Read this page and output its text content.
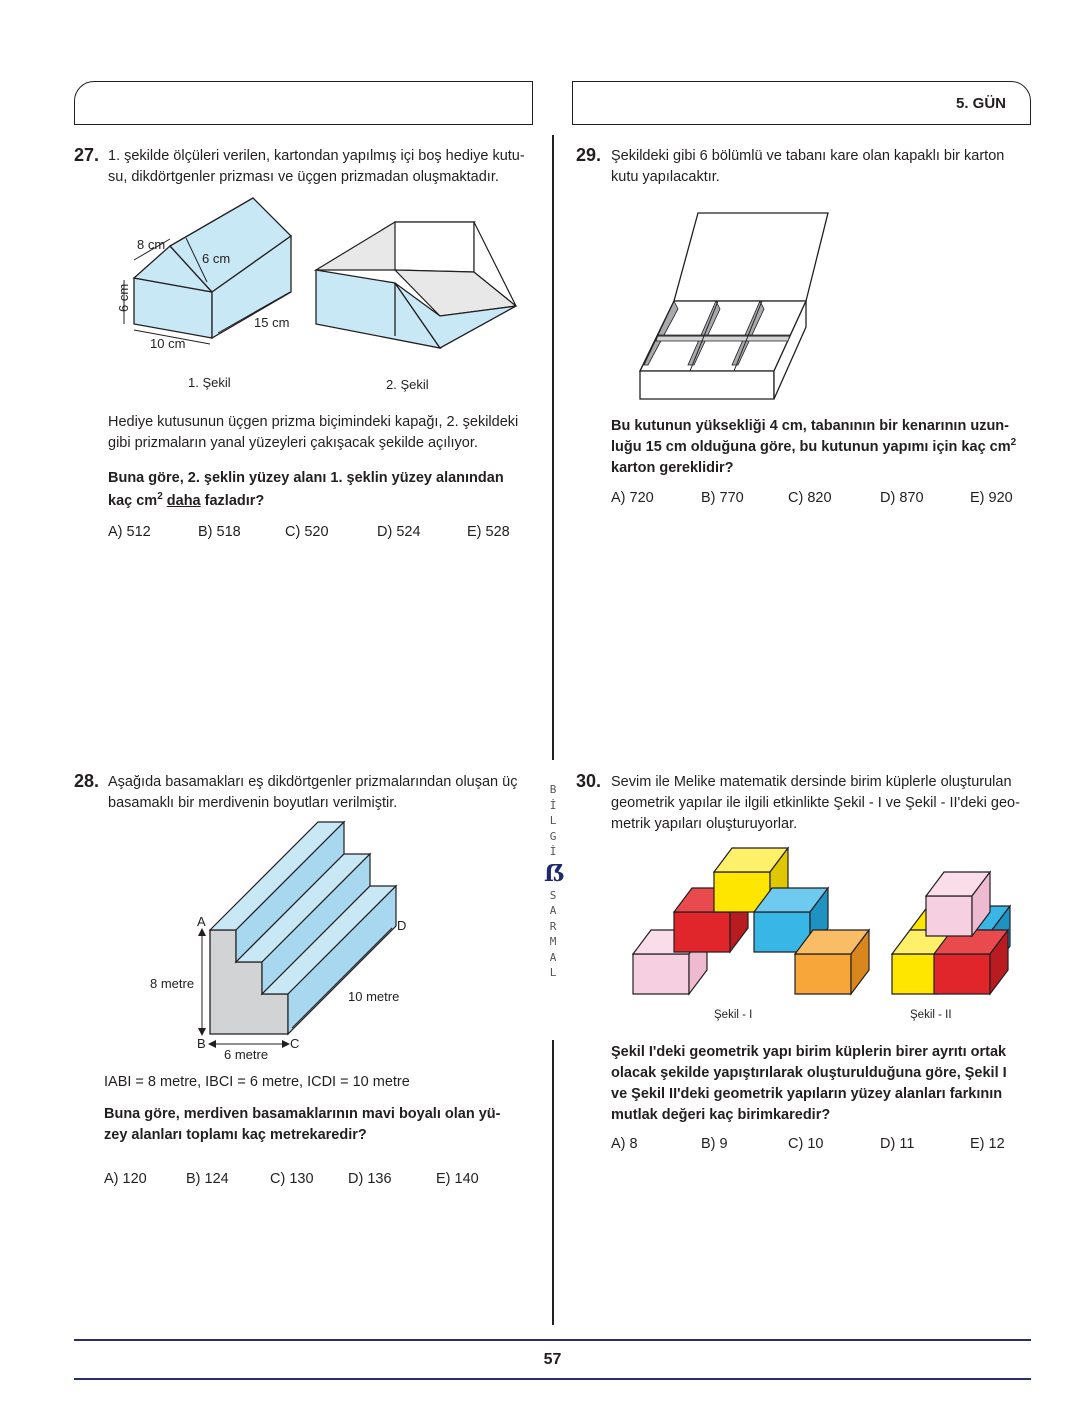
5. GÜN
B
İ
L
G
İ
ẞ
S
A
R
M
A
L
27. 1. şekilde ölçüleri verilen, kartondan yapılmış içi boş hediye kutu-
su, dikdörtgenler prizması ve üçgen prizmadan oluşmaktadır.
8 cm
6 cm
6 cm
15 cm
10 cm
1. Şekil	2. Şekil
Hediye kutusunun üçgen prizma biçimindeki kapağı, 2. şekildeki
gibi prizmaların yanal yüzeyleri çakışacak şekilde açılıyor.
Buna göre, 2. şeklin yüzey alanı 1. şeklin yüzey alanından
kaç $cm^2$ daha fazladır?
A) 512	B) 518	C) 520	D) 524	E) 528
29. Şekildeki gibi 6 bölümlü ve tabanı kare olan kapaklı bir karton
kutu yapılacaktır.
Bu kutunun yüksekliği 4 cm, tabanının bir kenarının uzun-
luğu 15 cm olduğuna göre, bu kutunun yapımı için kaç $cm^2$
karton gereklidir?
A) 720	B) 770	C) 820	D) 870	E) 920
28. Aşağıda basamakları eş dikdörtgenler prizmalarından oluşan üç
basamaklı bir merdivenin boyutları verilmiştir.
A
B	C
D
8 metre
6 metre
10 metre
IABI = 8 metre, IBCI = 6 metre, ICDI = 10 metre
Buna göre, merdiven basamaklarının mavi boyalı olan yü-
zey alanları toplamı kaç metrekaredir?
A) 120	B) 124	C) 130 D) 136	E) 140
30. Sevim ile Melike matematik dersinde birim küplerle oluşturulan
geometrik yapılar ile ilgili etkinlikte Şekil - I ve Şekil - II'deki geo-
metrik yapıları oluşturuyorlar.
Şekil - I	Şekil - II
Şekil I'deki geometrik yapı birim küplerin birer ayrıtı ortak
olacak şekilde yapıştırılarak oluşturulduğuna göre, Şekil I
ve Şekil II'deki geometrik yapıların yüzey alanları farkının
mutlak değeri kaç birimkaredir?
A) 8	B) 9	C) 10	D) 11	E) 12
57
